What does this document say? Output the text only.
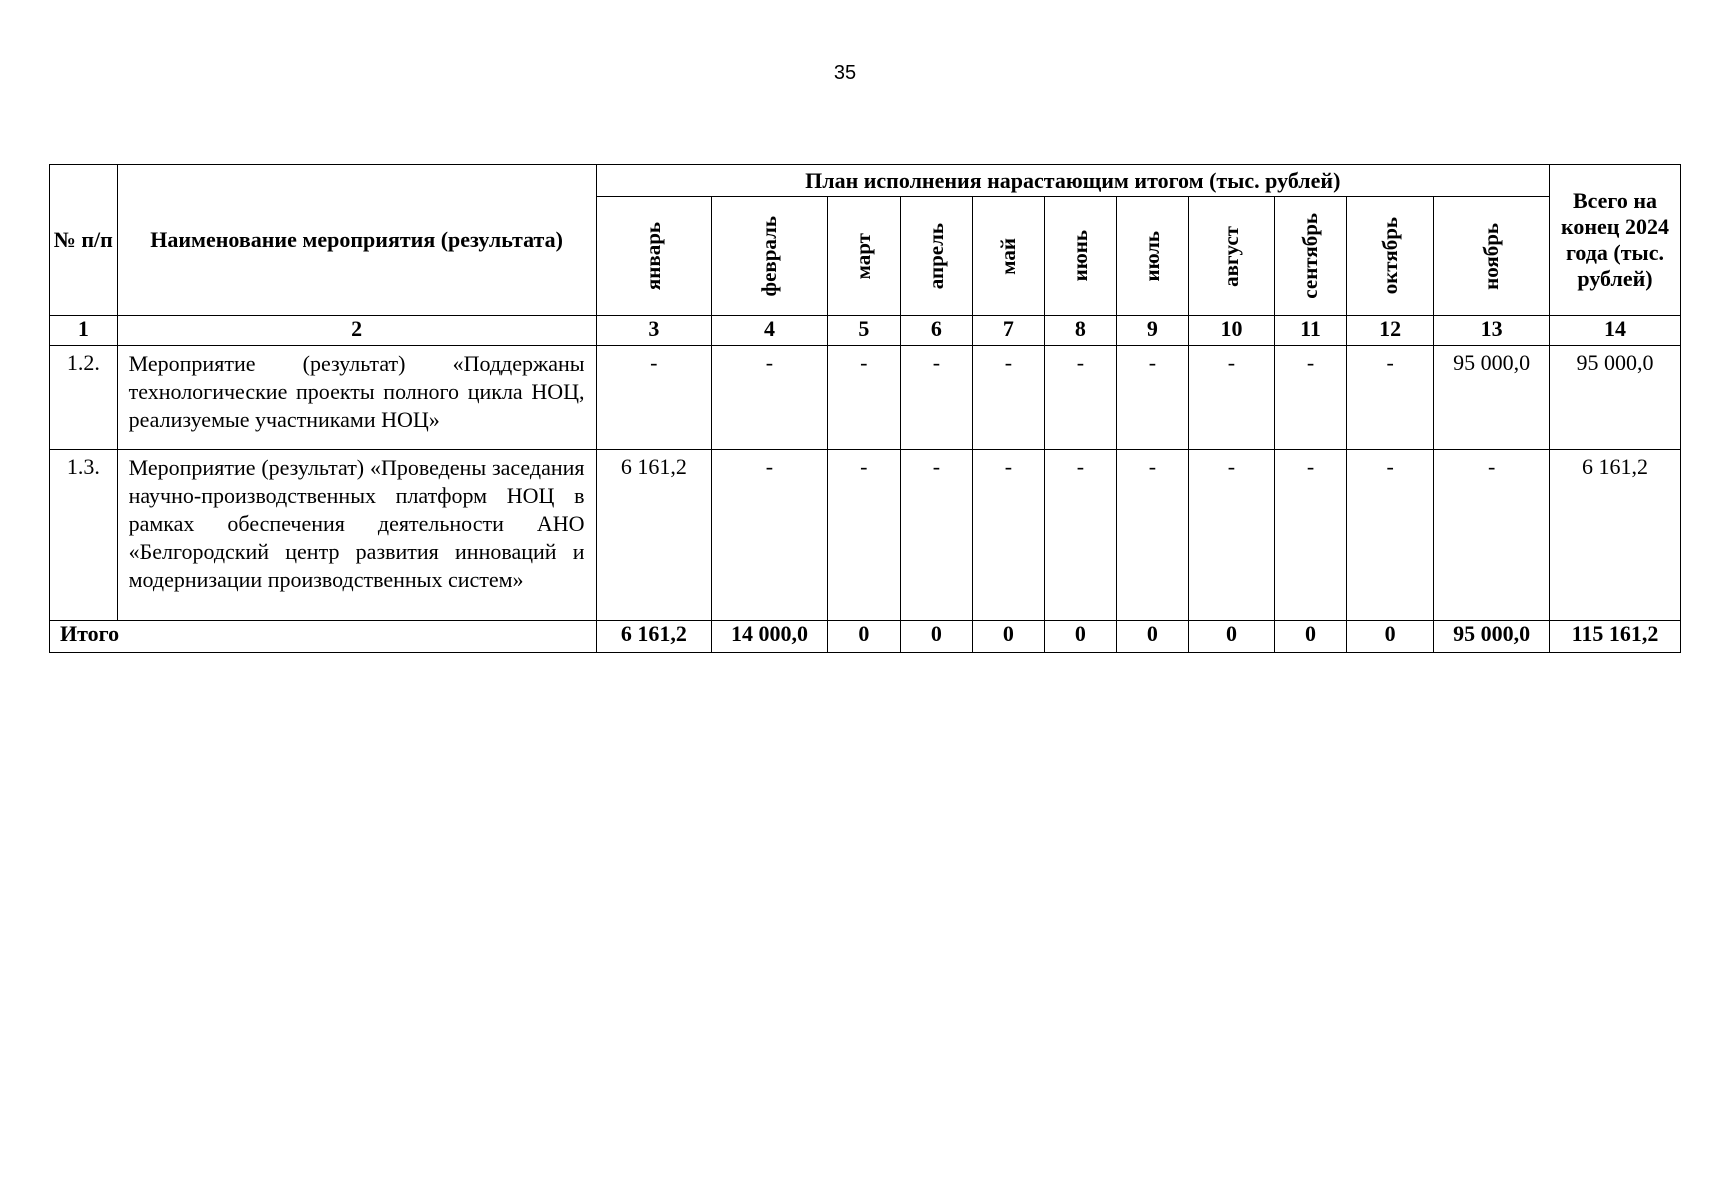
35
№ п/п	Наименование мероприятия (результата)	План исполнения нарастающим итогом (тыс. рублей)											Всего на конец 2024 года (тыс. рублей)

		январь	февраль	март	апрель	май	июнь	июль	август	сентябрь	октябрь	ноябрь	

1	2	3	4	5	6	7	8	9	10	11	12	13	14
1.2.	Мероприятие (результат) «Поддержаны технологические проекты полного цикла НОЦ, реализуемые участниками НОЦ»	-	-	-	-	-	-	-	-	-	-	95 000,0	95 000,0
1.3.	Мероприятие (результат) «Проведены заседания научно-производственных платформ НОЦ в рамках обеспечения деятельности АНО «Белгородский центр развития инноваций и модернизации производственных систем»	6 161,2	-	-	-	-	-	-	-	-	-	-	6 161,2
Итого		6 161,2	14 000,0	0	0	0	0	0	0	0	0	95 000,0	115 161,2
